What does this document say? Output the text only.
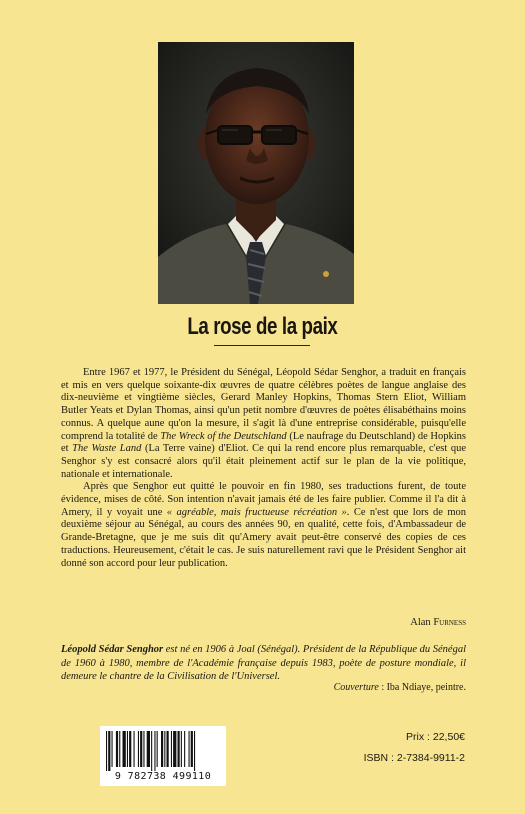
La rose de la paix

Entre 1967 et 1977, le Président du Sénégal, Léopold Sédar Senghor, a traduit en français et mis en vers quelque soixante-dix œuvres de quatre célèbres poètes de langue anglaise des dix-neuvième et vingtième siècles, Gerard Manley Hopkins, Thomas Stern Eliot, William Butler Yeats et Dylan Thomas, ainsi qu'un petit nombre d'œuvres de poètes élisabéthains moins connus. A quelque aune qu'on la mesure, il s'agit là d'une entreprise considérable, puisqu'elle comprend la totalité de The Wreck of the Deutschland (Le naufrage du Deutschland) de Hopkins et The Waste Land (La Terre vaine) d'Eliot. Ce qui la rend encore plus remarquable, c'est que Senghor s'y est consacré alors qu'il était pleinement actif sur le plan de la vie politique, nationale et internationale.

Après que Senghor eut quitté le pouvoir en fin 1980, ses traductions furent, de toute évidence, mises de côté. Son intention n'avait jamais été de les faire publier. Comme il l'a dit à Amery, il y voyait une « agréable, mais fructueuse récréation ». Ce n'est que lors de mon deuxième séjour au Sénégal, au cours des années 90, en qualité, cette fois, d'Ambassadeur de Grande-Bretagne, que je me suis dit qu'Amery avait peut-être conservé des copies de ces traductions. Heureusement, c'était le cas. Je suis naturellement ravi que le Président Senghor ait donné son accord pour leur publication.

Alan Furness
Léopold Sédar Senghor est né en 1906 à Joal (Sénégal). Président de la République du Sénégal de 1960 à 1980, membre de l'Académie française depuis 1983, poète de posture mondiale, il demeure le chantre de la Civilisation de l'Universel.
Couverture : Iba Ndiaye, peintre.
9 782738 499110
Prix : 22,50€
ISBN : 2-7384-9911-2
